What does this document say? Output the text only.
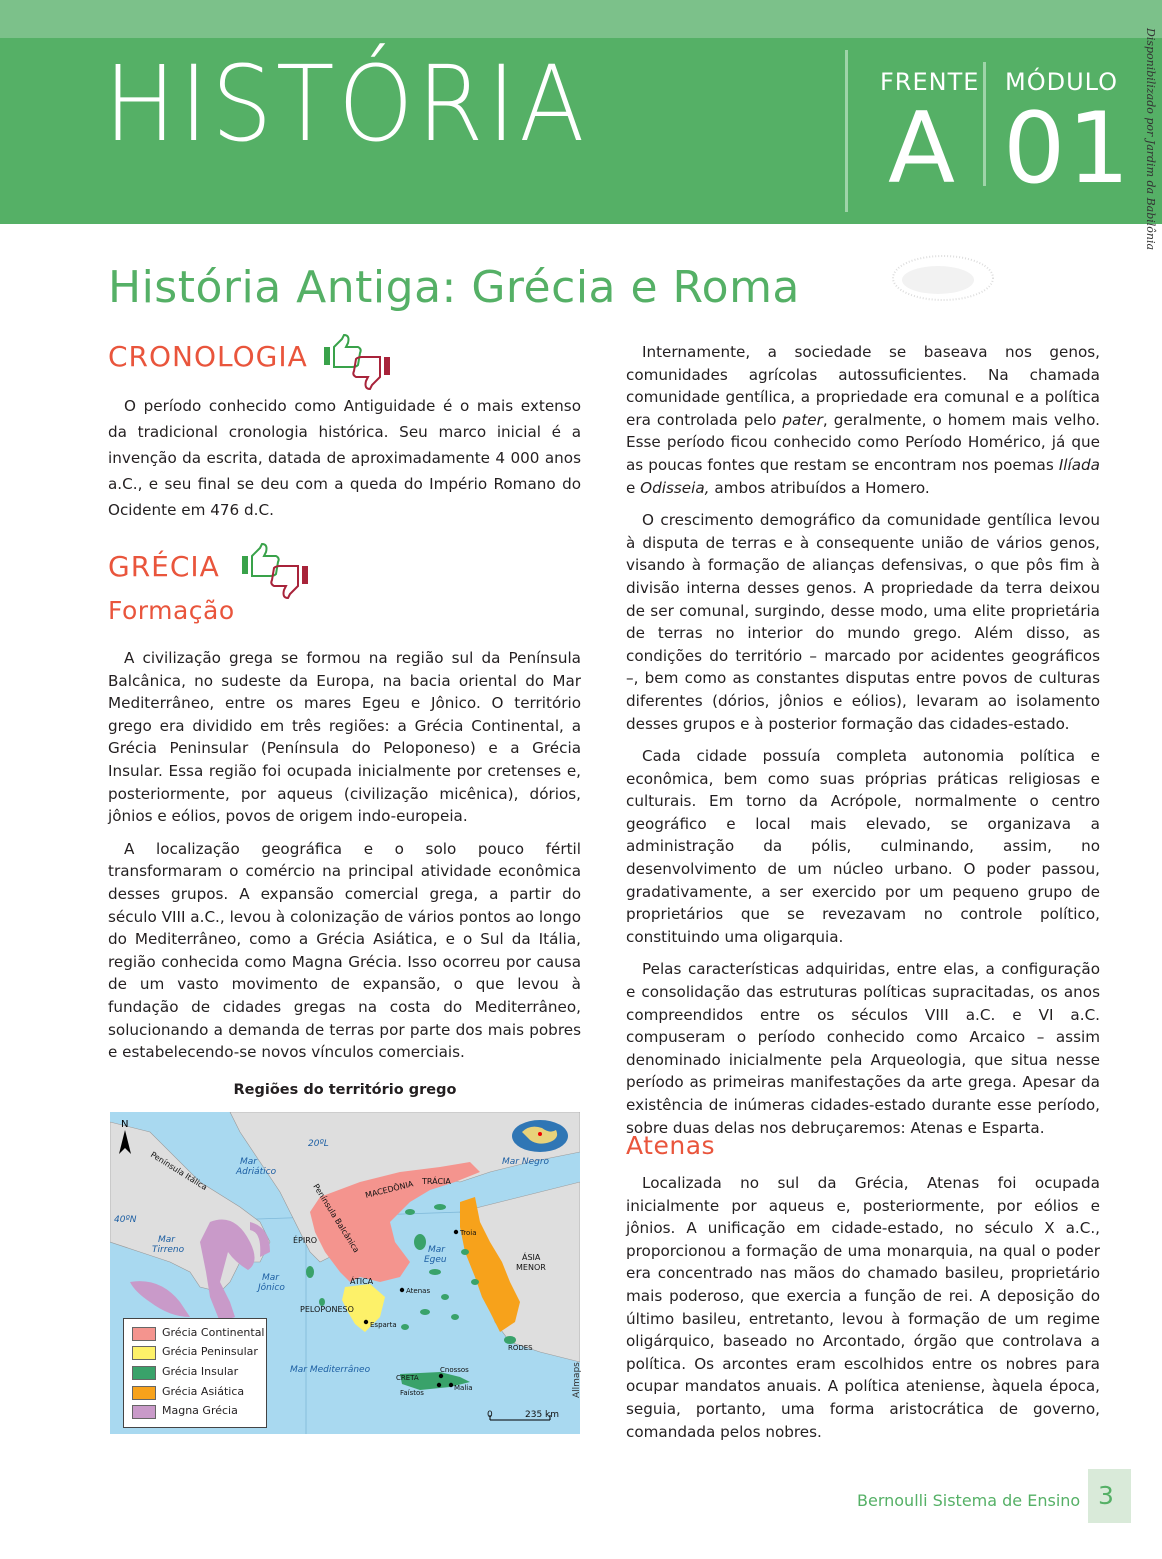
HISTÓRIA	FRENTE
A
MÓDULO
01	Disponibilizado por Jardim da Babilônia
História Antiga: Grécia e Roma
CRONOLOGIA

O período conhecido como Antiguidade é o mais extenso da tradicional cronologia histórica. Seu marco inicial é a invenção da escrita, datada de aproximadamente 4 000 anos a.C., e seu final se deu com a queda do Império Romano do Ocidente em 476 d.C.

GRÉCIA
Formação

A civilização grega se formou na região sul da Península Balcânica, no sudeste da Europa, na bacia oriental do Mar Mediterrâneo, entre os mares Egeu e Jônico. O território grego era dividido em três regiões: a Grécia Continental, a Grécia Peninsular (Península do Peloponeso) e a Grécia Insular. Essa região foi ocupada inicialmente por cretenses e, posteriormente, por aqueus (civilização micênica), dórios, jônios e eólios, povos de origem indo-europeia.

A localização geográfica e o solo pouco fértil transformaram o comércio na principal atividade econômica desses grupos. A expansão comercial grega, a partir do século VIII a.C., levou à colonização de vários pontos ao longo do Mediterrâneo, como a Grécia Asiática, e o Sul da Itália, região conhecida como Magna Grécia. Isso ocorreu por causa de um vasto movimento de expansão, o que levou à fundação de cidades gregas na costa do Mediterrâneo, solucionando a demanda de terras por parte dos mais pobres e estabelecendo-se novos vínculos comerciais.

Regiões do território grego
N
20ºL
40ºN
Mar
Adriático
Mar
Tirreno
Mar
Jônico
Mar Negro
Mar
Egeu
Mar Mediterrâneo
Península Itálica
Península Balcânica MACEDÔNIA TRÁCIA
ÉPIRO
ÁTICA
PELOPONESO
ÁSIA
MENOR
Troia
Atenas
Esparta
RODES
CRETA
Cnossos
Faístos
Malia
0	235 km
Allmaps
Grécia Continental
Grécia Peninsular
Grécia Insular
Grécia Asiática
Magna Grécia

Internamente, a sociedade se baseava nos genos, comunidades agrícolas autossuficientes. Na chamada comunidade gentílica, a propriedade era comunal e a política era controlada pelo pater, geralmente, o homem mais velho. Esse período ficou conhecido como Período Homérico, já que as poucas fontes que restam se encontram nos poemas Ilíada e Odisseia, ambos atribuídos a Homero.

O crescimento demográfico da comunidade gentílica levou à disputa de terras e à consequente união de vários genos, visando à formação de alianças defensivas, o que pôs fim à divisão interna desses genos. A propriedade da terra deixou de ser comunal, surgindo, desse modo, uma elite proprietária de terras no interior do mundo grego. Além disso, as condições do território – marcado por acidentes geográficos –, bem como as constantes disputas entre povos de culturas diferentes (dórios, jônios e eólios), levaram ao isolamento desses grupos e à posterior formação das cidades-estado.

Cada cidade possuía completa autonomia política e econômica, bem como suas próprias práticas religiosas e culturais. Em torno da Acrópole, normalmente o centro geográfico e local mais elevado, se organizava a administração da pólis, culminando, assim, no desenvolvimento de um núcleo urbano. O poder passou, gradativamente, a ser exercido por um pequeno grupo de proprietários que se revezavam no controle político, constituindo uma oligarquia.

Pelas características adquiridas, entre elas, a configuração e consolidação das estruturas políticas supracitadas, os anos compreendidos entre os séculos VIII a.C. e VI a.C. compuseram o período conhecido como Arcaico – assim denominado inicialmente pela Arqueologia, que situa nesse período as primeiras manifestações da arte grega. Apesar da existência de inúmeras cidades-estado durante esse período, sobre duas delas nos debruçaremos: Atenas e Esparta.

Atenas

Localizada no sul da Grécia, Atenas foi ocupada inicialmente por aqueus e, posteriormente, por eólios e jônios. A unificação em cidade-estado, no século X a.C., proporcionou a formação de uma monarquia, na qual o poder era concentrado nas mãos do chamado basileu, proprietário mais poderoso, que exercia a função de rei. A deposição do último basileu, entretanto, levou à formação de um regime oligárquico, baseado no Arcontado, órgão que controlava a política. Os arcontes eram escolhidos entre os nobres para ocupar mandatos anuais. A política ateniense, àquela época, seguia, portanto, uma forma aristocrática de governo, comandada pelos nobres.

Bernoulli Sistema de Ensino 3
